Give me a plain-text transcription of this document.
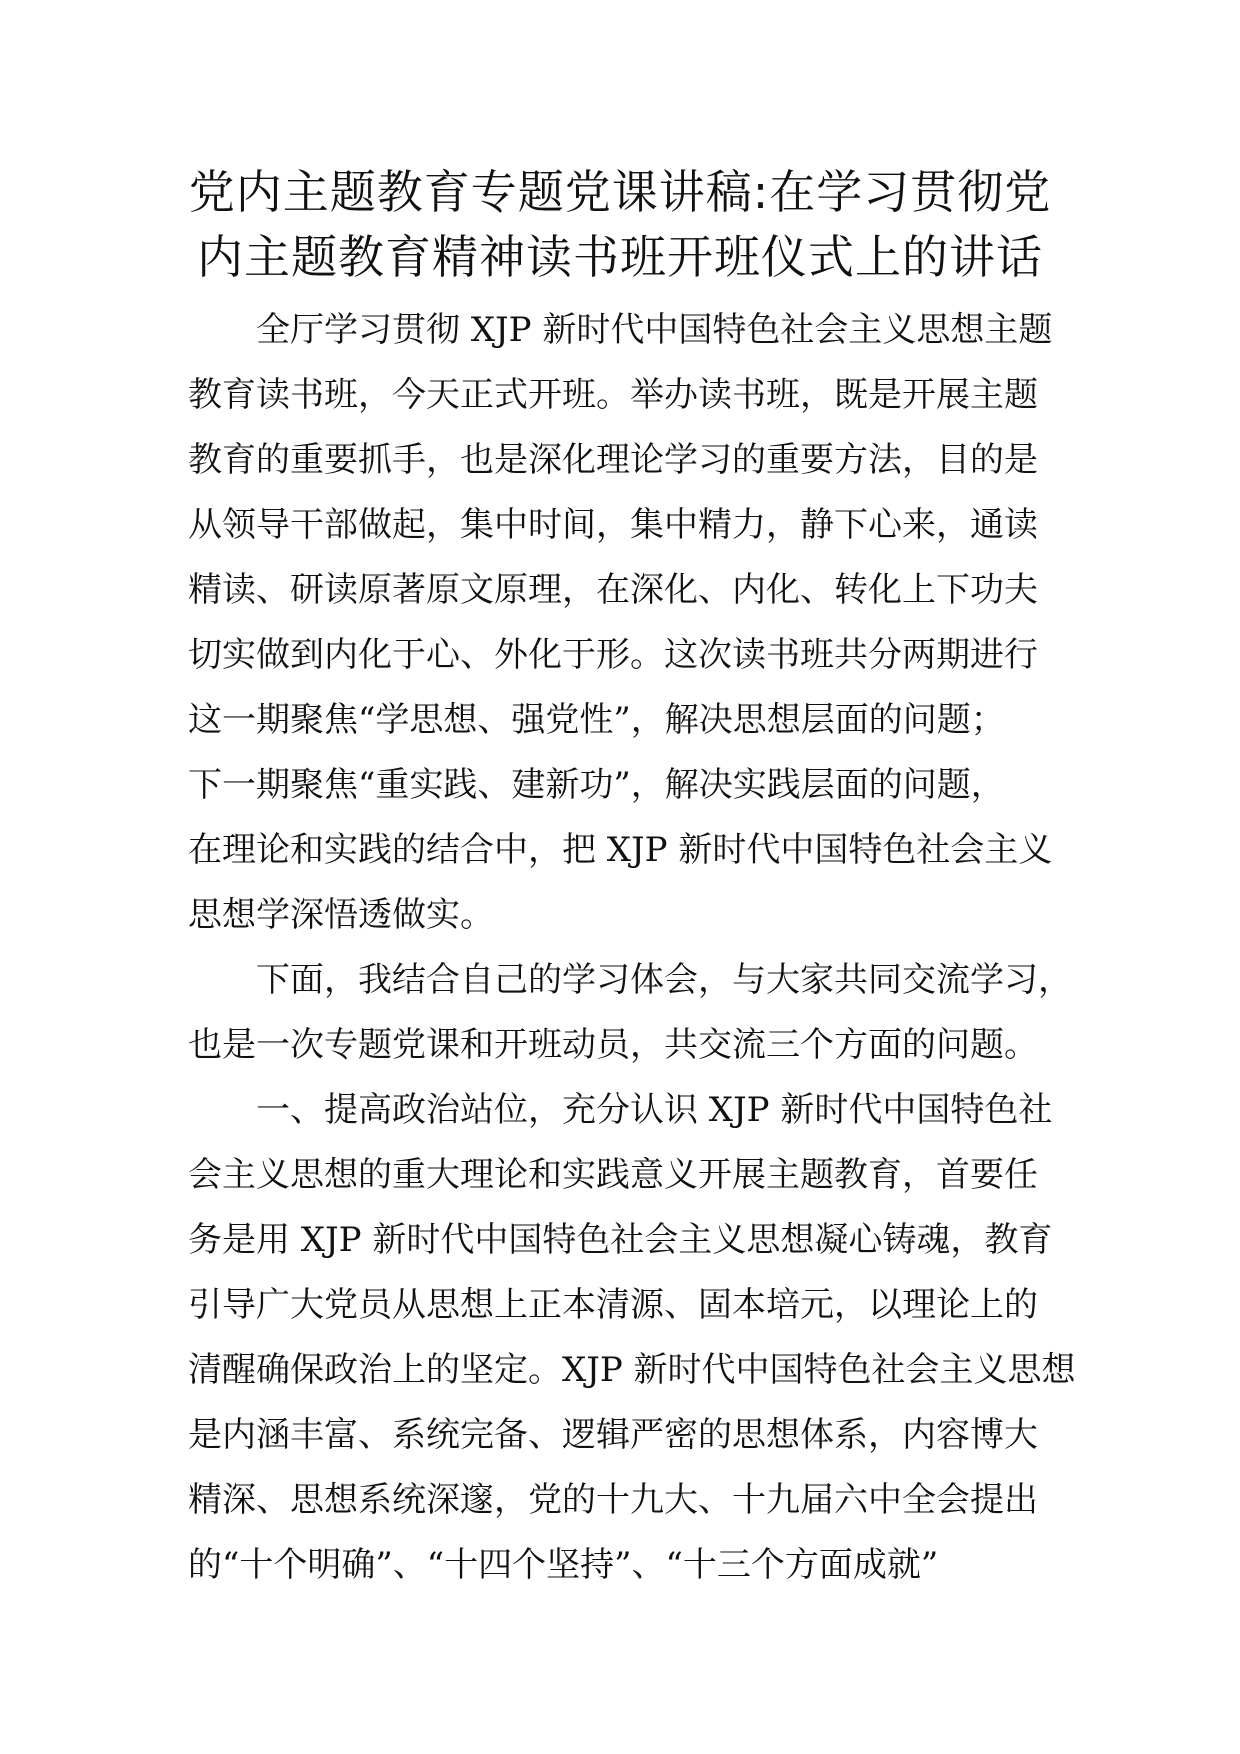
党内主题教育专题党课讲稿:在学习贯彻党
内主题教育精神读书班开班仪式上的讲话
全厅学习贯彻 XJP 新时代中国特色社会主义思想主题
教育读书班，今天正式开班。举办读书班，既是开展主题
教育的重要抓手，也是深化理论学习的重要方法，目的是
从领导干部做起，集中时间，集中精力，静下心来，通读
精读、研读原著原文原理，在深化、内化、转化上下功夫
切实做到内化于心、外化于形。这次读书班共分两期进行
这一期聚焦“学思想、强党性”，解决思想层面的问题；
下一期聚焦“重实践、建新功”，解决实践层面的问题，
在理论和实践的结合中，把 XJP 新时代中国特色社会主义
思想学深悟透做实。
下面，我结合自己的学习体会，与大家共同交流学习，
也是一次专题党课和开班动员，共交流三个方面的问题。
一、提高政治站位，充分认识 XJP 新时代中国特色社
会主义思想的重大理论和实践意义开展主题教育，首要任
务是用 XJP 新时代中国特色社会主义思想凝心铸魂，教育
引导广大党员从思想上正本清源、固本培元，以理论上的
清醒确保政治上的坚定。XJP 新时代中国特色社会主义思想
是内涵丰富、系统完备、逻辑严密的思想体系，内容博大
精深、思想系统深邃，党的十九大、十九届六中全会提出
的“十个明确”、“十四个坚持”、“十三个方面成就”
